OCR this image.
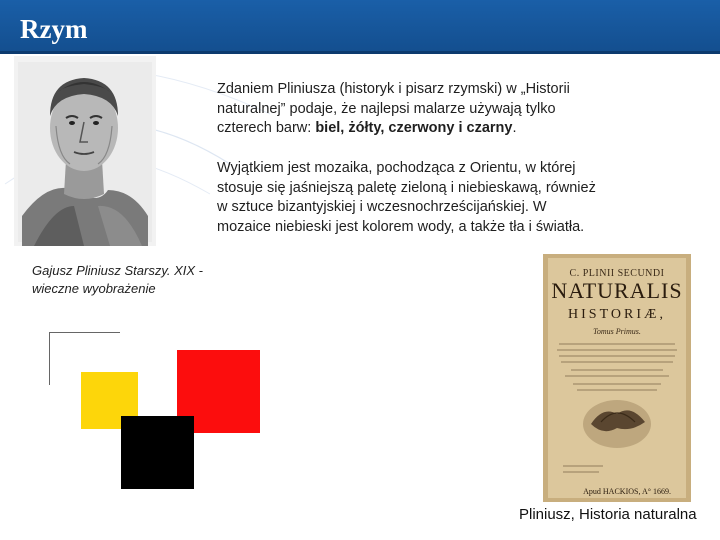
Rzym
Gajusz Pliniusz Starszy. XIX -wieczne wyobrażenie
Zdaniem Pliniusza (historyk i pisarz rzymski) w „Historii naturalnej” podaje, że najlepsi malarze używają tylko czterech barw: biel, żółty, czerwony i czarny.
Wyjątkiem jest mozaika, pochodząca z Orientu, w której stosuje się jaśniejszą paletę zieloną i niebieskawą, również w sztuce bizantyjskiej i wczesnochrześcijańskiej. W mozaice niebieski jest kolorem wody, a także tła i światła.
C. PLINII SECUNDI
NATURALIS
HISTORIÆ,
Tomus Primus.
Apud HACKIOS, A° 1669.
Pliniusz, Historia naturalna
